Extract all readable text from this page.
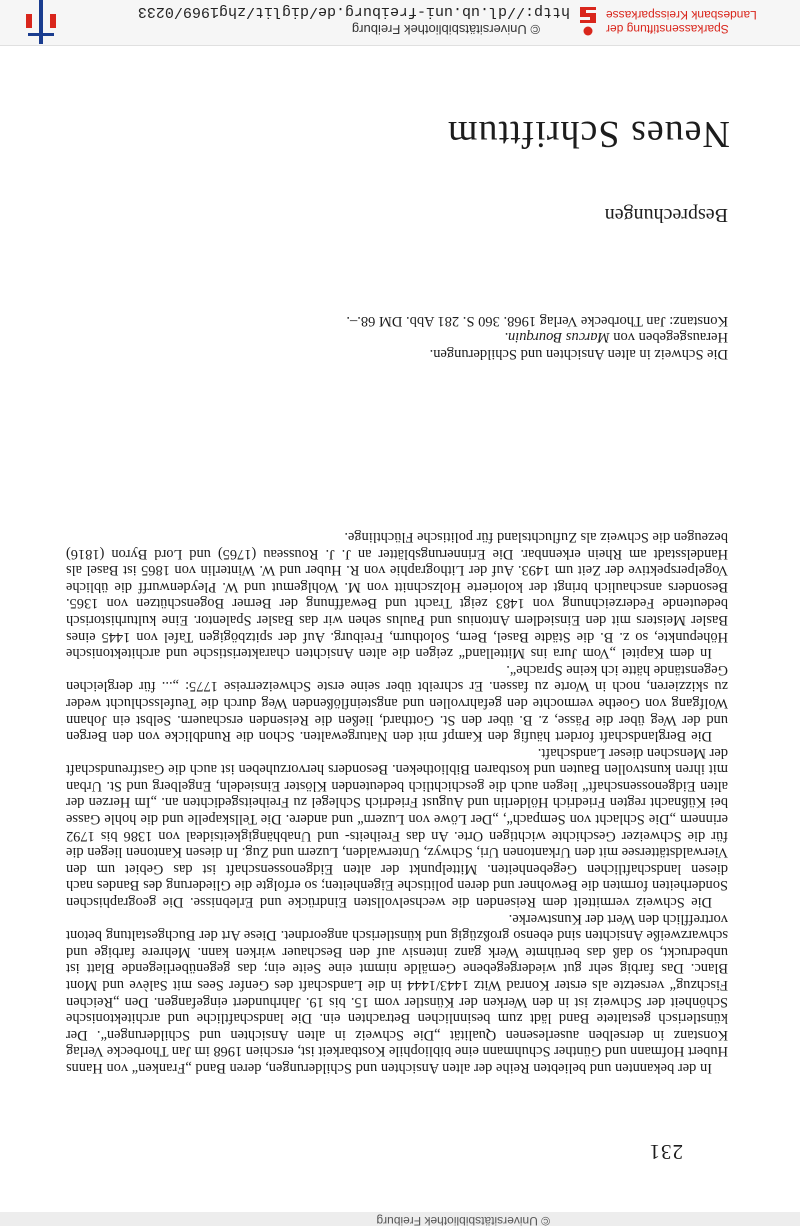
© Universitätsbibliothek Freiburg
Neues Schrifttum
Besprechungen
Die Schweiz in alten Ansichten und Schilderungen.
Herausgegeben von Marcus Bourquin.
Konstanz: Jan Thorbecke Verlag 1968. 360 S. 281 Abb. DM 68.–.

In der bekannten und beliebten Reihe der alten Ansichten und Schilderungen, deren Band „Franken“ von Hanns Hubert Hofmann und Günther Schuhmann eine bibliophile Kostbarkeit ist, erschien 1968 im Jan Thorbecke Verlag Konstanz in derselben auserlesenen Qualität „Die Schweiz in alten Ansichten und Schilderungen“. Der künstlerisch gestaltete Band lädt zum besinnlichen Betrachten ein. Die landschaftliche und architektonische Schönheit der Schweiz ist in den Werken der Künstler vom 15. bis 19. Jahrhundert eingefangen. Den „Reichen Fischzug“ versetzte als erster Konrad Witz 1443/1444 in die Landschaft des Genfer Sees mit Salève und Mont Blanc. Das farbig sehr gut wiedergegebene Gemälde nimmt eine Seite ein; das gegenüberliegende Blatt ist unbedruckt, so daß das berühmte Werk ganz intensiv auf den Beschauer wirken kann. Mehrere farbige und schwarzweiße Ansichten sind ebenso großzügig und künstlerisch angeordnet. Diese Art der Buchgestaltung betont vortrefflich den Wert der Kunstwerke.

Die Schweiz vermittelt dem Reisenden die wechselvollsten Eindrücke und Erlebnisse. Die geographischen Sonderheiten formten die Bewohner und deren politische Eigenheiten; so erfolgte die Gliederung des Bandes nach diesen landschaftlichen Gegebenheiten. Mittelpunkt der alten Eidgenossenschaft ist das Gebiet um den Vierwaldstättersee mit den Urkantonen Uri, Schwyz, Unterwalden, Luzern und Zug. In diesen Kantonen liegen die für die Schweizer Geschichte wichtigen Orte. An das Freiheits- und Unabhängigkeitsideal von 1386 bis 1792 erinnern „Die Schlacht von Sempach“, „Der Löwe von Luzern“ und andere. Die Tellskapelle und die hohle Gasse bei Küßnacht regten Friedrich Hölderlin und August Friedrich Schlegel zu Freiheitsgedichten an. „Im Herzen der alten Eidgenossenschaft“ liegen auch die geschichtlich bedeutenden Klöster Einsiedeln, Engelberg und St. Urban mit ihren kunstvollen Bauten und kostbaren Bibliotheken. Besonders hervorzuheben ist auch die Gastfreundschaft der Menschen dieser Landschaft.

Die Berglandschaft fordert häufig den Kampf mit den Naturgewalten. Schon die Rundblicke von den Bergen und der Weg über die Pässe, z. B. über den St. Gotthard, ließen die Reisenden erschauern. Selbst ein Johann Wolfgang von Goethe vermochte den gefahrvollen und angsteinflößenden Weg durch die Teufelsschlucht weder zu skizzieren, noch in Worte zu fassen. Er schreibt über seine erste Schweizerreise 1775: „... für dergleichen Gegenstände hätte ich keine Sprache“.

In dem Kapitel „Vom Jura ins Mittelland“ zeigen die alten Ansichten charakteristische und architektonische Höhepunkte, so z. B. die Städte Basel, Bern, Solothurn, Freiburg. Auf der spitzbögigen Tafel von 1445 eines Basler Meisters mit den Einsiedlern Antonius und Paulus sehen wir das Basler Spalentor. Eine kulturhistorisch bedeutende Federzeichnung von 1483 zeigt Tracht und Bewaffnung der Berner Bogenschützen von 1365. Besonders anschaulich bringt der kolorierte Holzschnitt von M. Wohlgemut und W. Pleydenwurff die übliche Vogelperspektive der Zeit um 1493. Auf der Lithographie von R. Huber und W. Winterlin von 1865 ist Basel als Handelsstadt am Rhein erkennbar. Die Erinnerungsblätter an J. J. Rousseau (1765) und Lord Byron (1816) bezeugen die Schweiz als Zufluchtsland für politische Flüchtlinge.

231
© Universitätsbibliothek Freiburg
http://dl.ub.uni-freiburg.de/diglit/zhg1969/0233
Sparkassenstiftung der
Landesbank Kreissparkasse
